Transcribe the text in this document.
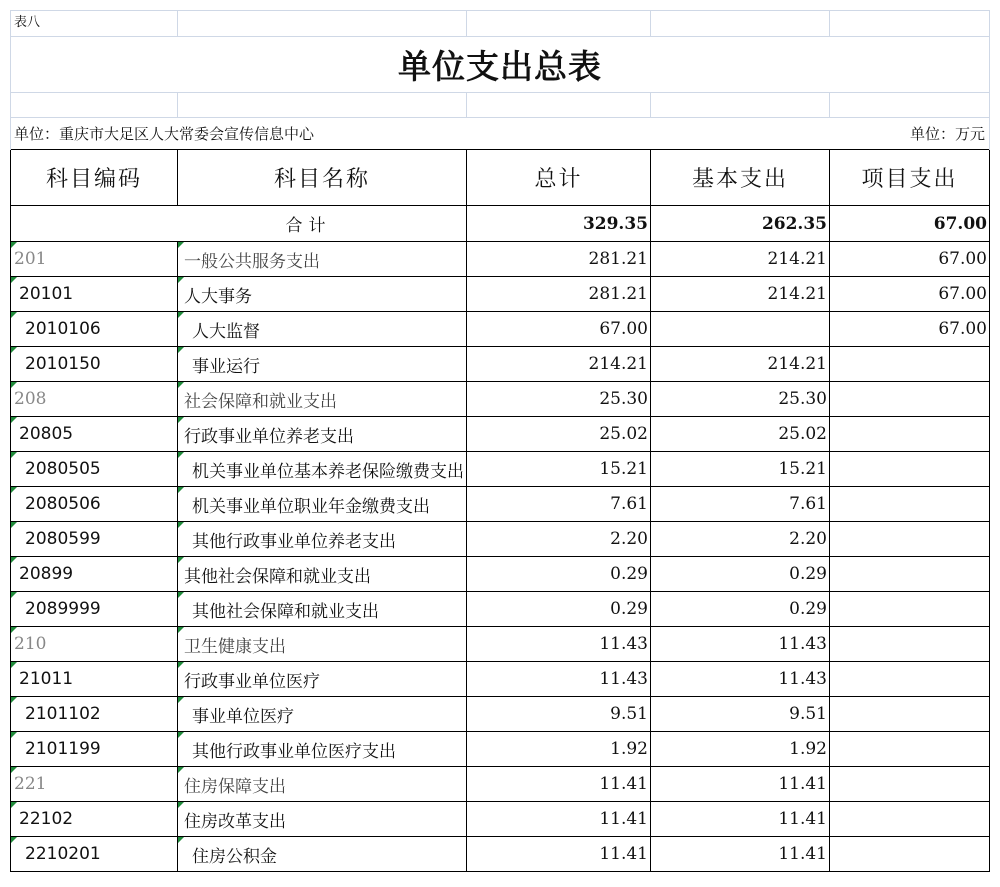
表八				
单位支出总表				

单位：重庆市大足区人大常委会宣传信息中心				单位：万元
科目编码	科目名称	总计	基本支出	项目支出
合计		329.35	262.35	67.00
201	一般公共服务支出	281.21	214.21	67.00
20101	人大事务	281.21	214.21	67.00
2010106	人大监督	67.00		67.00
2010150	事业运行	214.21	214.21	
208	社会保障和就业支出	25.30	25.30	
20805	行政事业单位养老支出	25.02	25.02	
2080505	机关事业单位基本养老保险缴费支出	15.21	15.21	
2080506	机关事业单位职业年金缴费支出	7.61	7.61	
2080599	其他行政事业单位养老支出	2.20	2.20	
20899	其他社会保障和就业支出	0.29	0.29	
2089999	其他社会保障和就业支出	0.29	0.29	
210	卫生健康支出	11.43	11.43	
21011	行政事业单位医疗	11.43	11.43	
2101102	事业单位医疗	9.51	9.51	
2101199	其他行政事业单位医疗支出	1.92	1.92	
221	住房保障支出	11.41	11.41	
22102	住房改革支出	11.41	11.41	
2210201	住房公积金	11.41	11.41	
